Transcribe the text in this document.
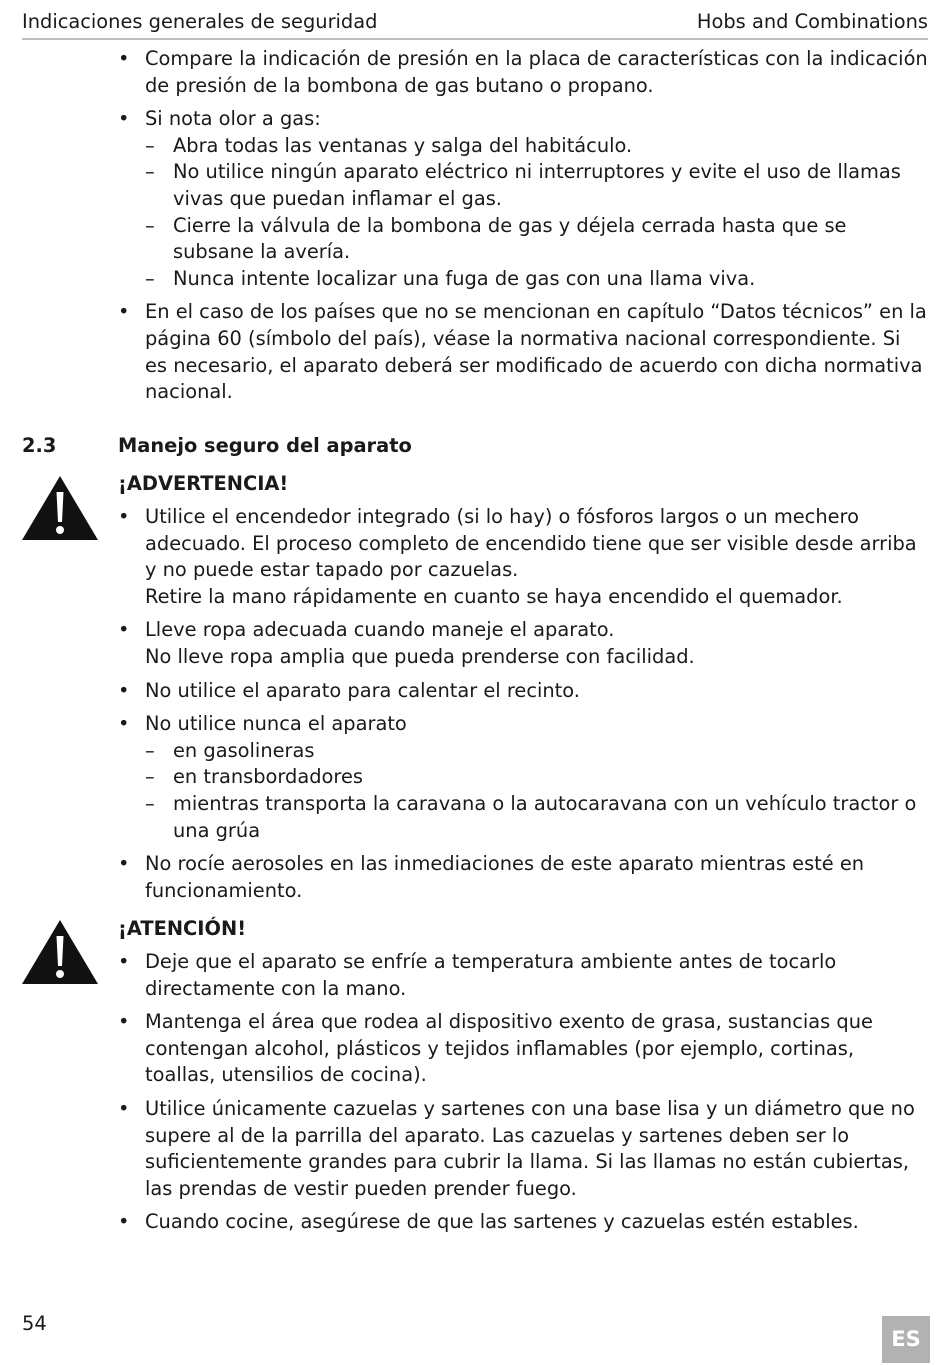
Indicaciones generales de seguridad	Hobs and Combinations
• Compare la indicación de presión en la placa de características con la indicación de presión de la bombona de gas butano o propano.
• Si nota olor a gas:
– Abra todas las ventanas y salga del habitáculo.
– No utilice ningún aparato eléctrico ni interruptores y evite el uso de llamas vivas que puedan inflamar el gas.
– Cierre la válvula de la bombona de gas y déjela cerrada hasta que se subsane la avería.
– Nunca intente localizar una fuga de gas con una llama viva.
• En el caso de los países que no se mencionan en capítulo “Datos técnicos” en la página 60 (símbolo del país), véase la normativa nacional correspondiente. Si es necesario, el aparato deberá ser modificado de acuerdo con dicha normativa nacional.
2.3	Manejo seguro del aparato
¡ADVERTENCIA!
• Utilice el encendedor integrado (si lo hay) o fósforos largos o un mechero adecuado. El proceso completo de encendido tiene que ser visible desde arriba y no puede estar tapado por cazuelas.
Retire la mano rápidamente en cuanto se haya encendido el quemador.
• Lleve ropa adecuada cuando maneje el aparato.
No lleve ropa amplia que pueda prenderse con facilidad.
• No utilice el aparato para calentar el recinto.
• No utilice nunca el aparato
– en gasolineras
– en transbordadores
– mientras transporta la caravana o la autocaravana con un vehículo tractor o una grúa
• No rocíe aerosoles en las inmediaciones de este aparato mientras esté en funcionamiento.
¡ATENCIÓN!
• Deje que el aparato se enfríe a temperatura ambiente antes de tocarlo directamente con la mano.
• Mantenga el área que rodea al dispositivo exento de grasa, sustancias que contengan alcohol, plásticos y tejidos inflamables (por ejemplo, cortinas, toallas, utensilios de cocina).
• Utilice únicamente cazuelas y sartenes con una base lisa y un diámetro que no supere al de la parrilla del aparato. Las cazuelas y sartenes deben ser lo suficientemente grandes para cubrir la llama. Si las llamas no están cubiertas, las prendas de vestir pueden prender fuego.
• Cuando cocine, asegúrese de que las sartenes y cazuelas estén estables.
54
ES
